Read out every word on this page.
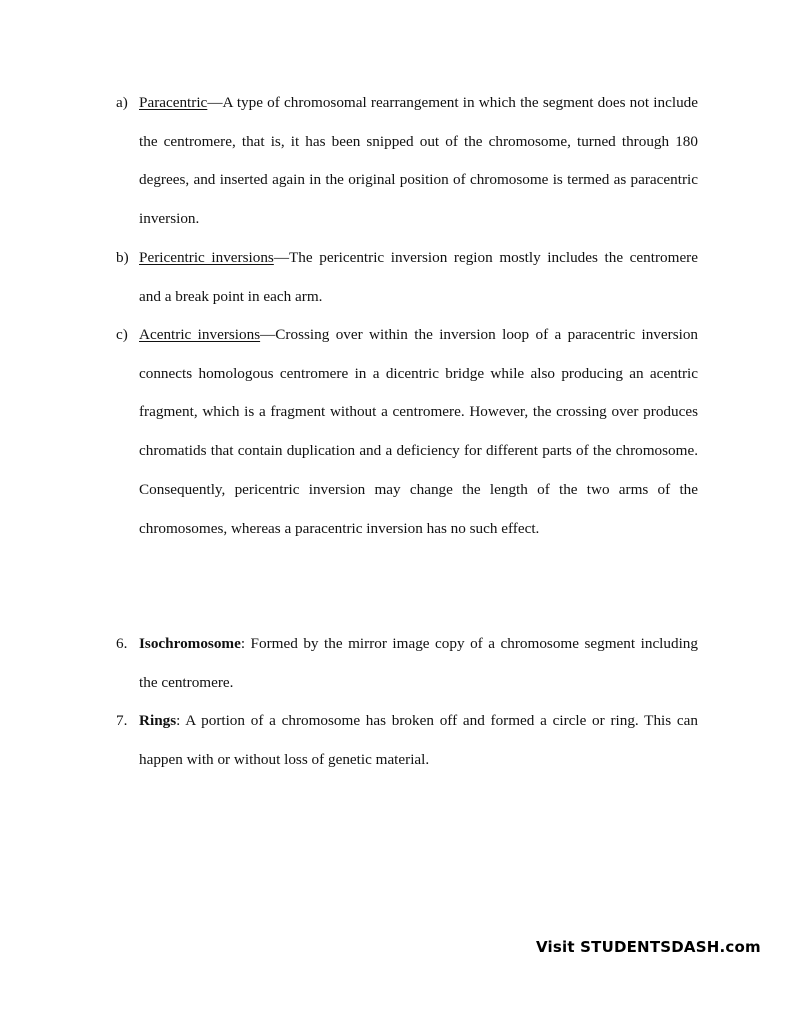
a) Paracentric—A type of chromosomal rearrangement in which the segment does not include the centromere, that is, it has been snipped out of the chromosome, turned through 180 degrees, and inserted again in the original position of chromosome is termed as paracentric inversion.
b) Pericentric inversions—The pericentric inversion region mostly includes the centromere and a break point in each arm.
c) Acentric inversions—Crossing over within the inversion loop of a paracentric inversion connects homologous centromere in a dicentric bridge while also producing an acentric fragment, which is a fragment without a centromere. However, the crossing over produces chromatids that contain duplication and a deficiency for different parts of the chromosome. Consequently, pericentric inversion may change the length of the two arms of the chromosomes, whereas a paracentric inversion has no such effect.
6. Isochromosome: Formed by the mirror image copy of a chromosome segment including the centromere.
7. Rings: A portion of a chromosome has broken off and formed a circle or ring. This can happen with or without loss of genetic material.
Visit STUDENTSDASH.com
